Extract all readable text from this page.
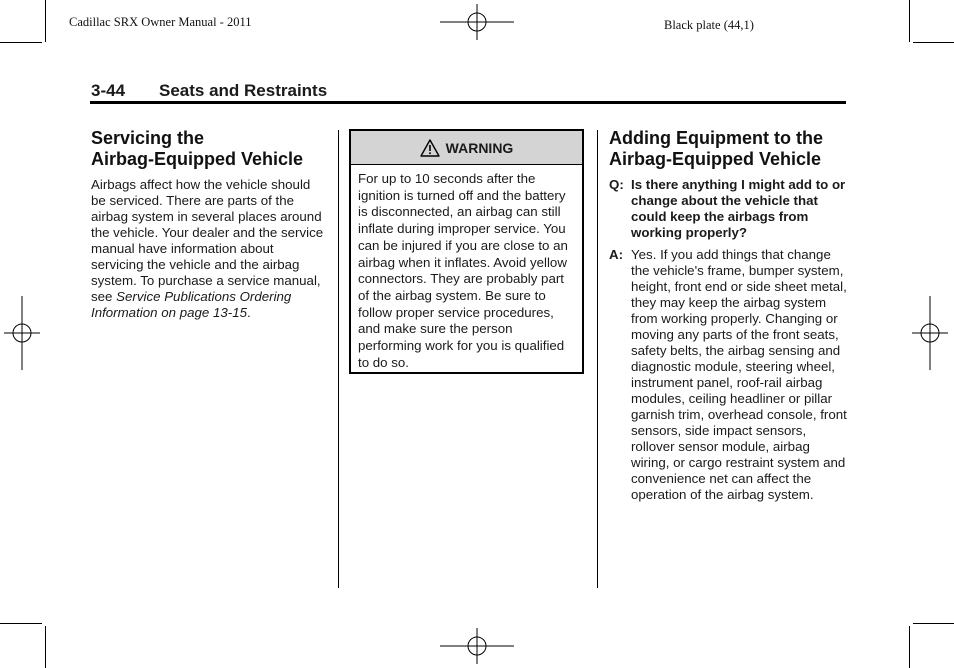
Cadillac SRX Owner Manual - 2011	Black plate (44,1)
3-44 Seats and Restraints
Servicing the
Airbag-Equipped Vehicle

Airbags affect how the vehicle should be serviced. There are parts of the airbag system in several places around the vehicle. Your dealer and the service manual have information about servicing the vehicle and the airbag system. To purchase a service manual, see Service Publications Ordering Information on page 13-15.

WARNING
For up to 10 seconds after the ignition is turned off and the battery is disconnected, an airbag can still inflate during improper service. You can be injured if you are close to an airbag when it inflates. Avoid yellow connectors. They are probably part of the airbag system. Be sure to follow proper service procedures, and make sure the person performing work for you is qualified to do so.
Adding Equipment to the
Airbag-Equipped Vehicle
Q: Is there anything I might add to or change about the vehicle that could keep the airbags from working properly?
A: Yes. If you add things that change the vehicle's frame, bumper system, height, front end or side sheet metal, they may keep the airbag system from working properly. Changing or moving any parts of the front seats, safety belts, the airbag sensing and diagnostic module, steering wheel, instrument panel, roof-rail airbag modules, ceiling headliner or pillar garnish trim, overhead console, front sensors, side impact sensors, rollover sensor module, airbag wiring, or cargo restraint system and convenience net can affect the operation of the airbag system.
